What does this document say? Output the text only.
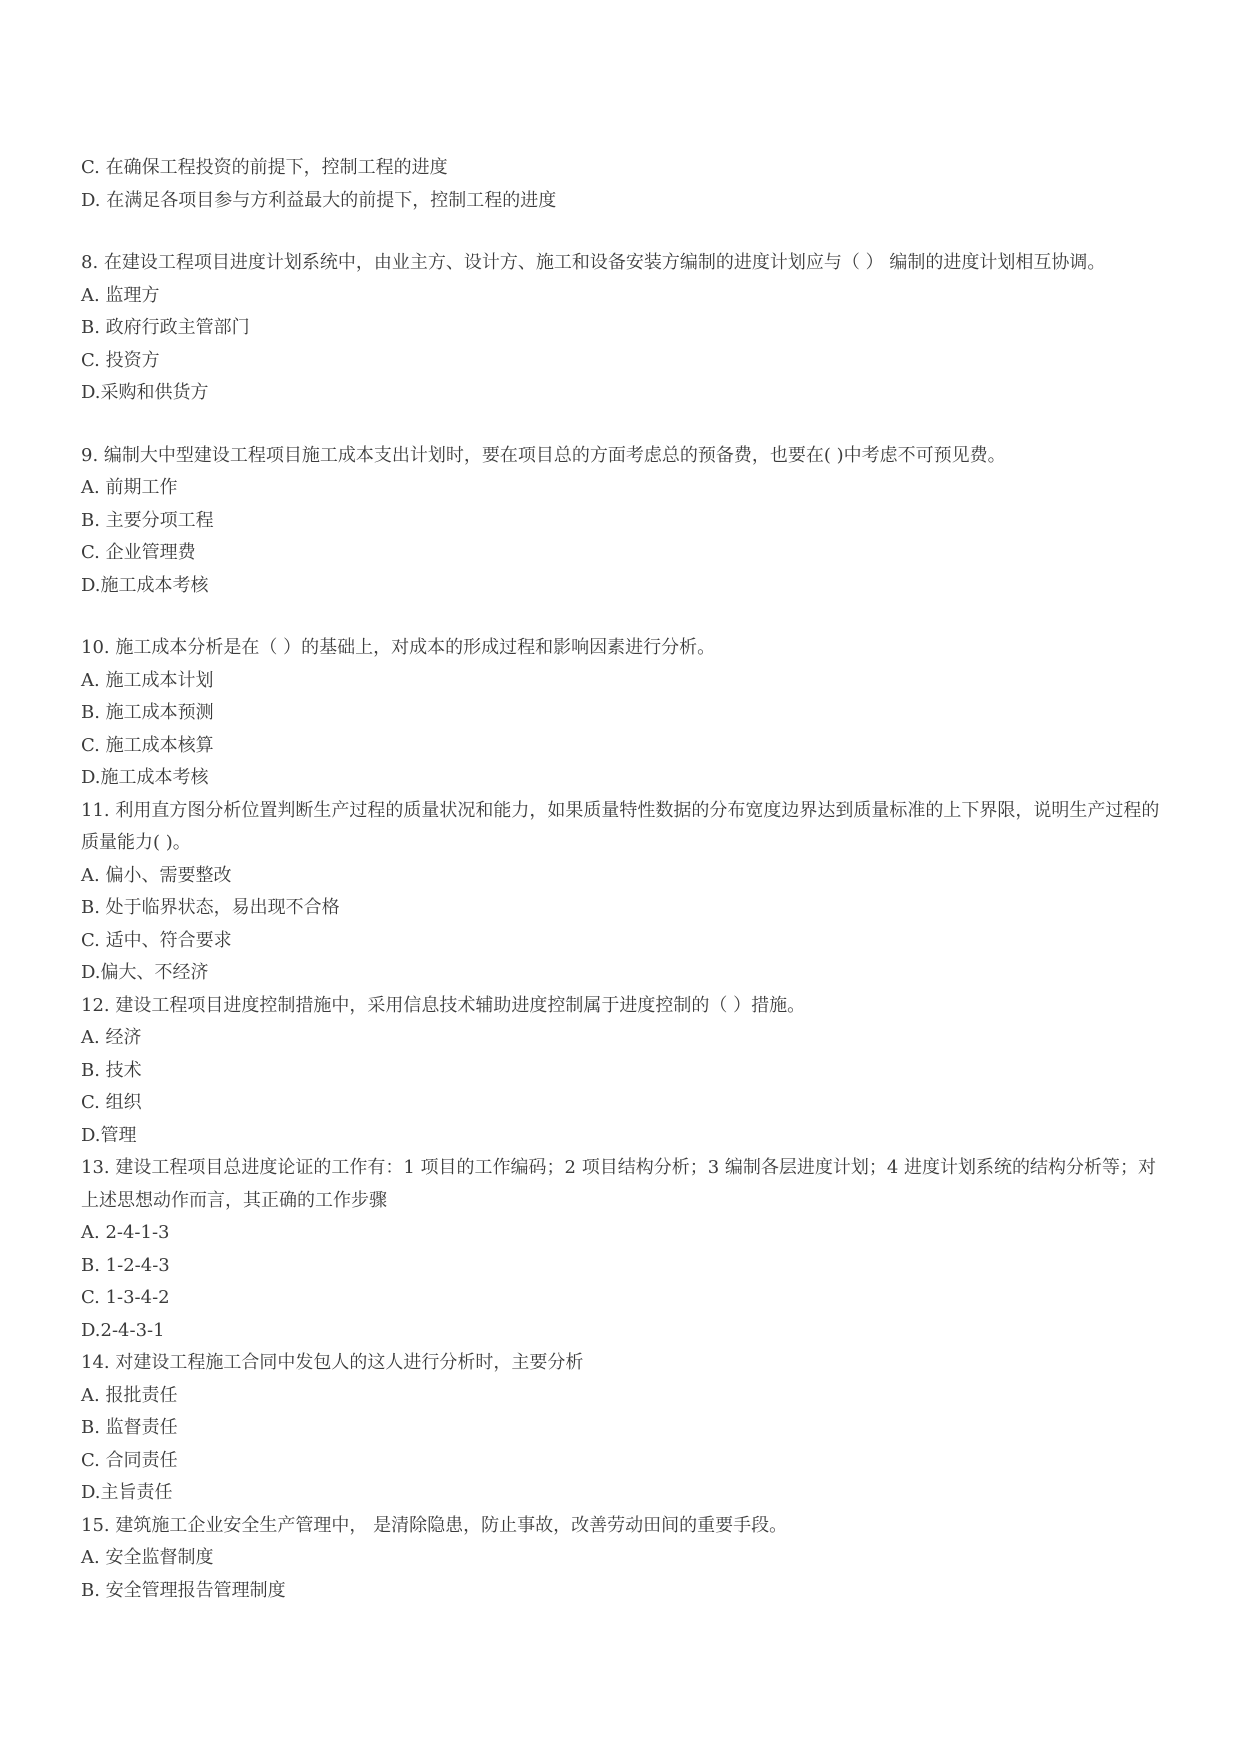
C. 在确保工程投资的前提下，控制工程的进度
D. 在满足各项目参与方利益最大的前提下，控制工程的进度
8. 在建设工程项目进度计划系统中，由业主方、设计方、施工和设备安装方编制的进度计划应与（ ） 编制的进度计划相互协调。
A. 监理方
B. 政府行政主管部门
C. 投资方
D.采购和供货方
9. 编制大中型建设工程项目施工成本支出计划时，要在项目总的方面考虑总的预备费，也要在( )中考虑不可预见费。
A. 前期工作
B. 主要分项工程
C. 企业管理费
D.施工成本考核
10. 施工成本分析是在（ ）的基础上，对成本的形成过程和影响因素进行分析。
A. 施工成本计划
B. 施工成本预测
C. 施工成本核算
D.施工成本考核
11. 利用直方图分析位置判断生产过程的质量状况和能力，如果质量特性数据的分布宽度边界达到质量标准的上下界限，说明生产过程的质量能力( )。
A. 偏小、需要整改
B. 处于临界状态，易出现不合格
C. 适中、符合要求
D.偏大、不经济
12. 建设工程项目进度控制措施中，采用信息技术辅助进度控制属于进度控制的（ ）措施。
A. 经济
B. 技术
C. 组织
D.管理
13. 建设工程项目总进度论证的工作有：1 项目的工作编码；2 项目结构分析；3 编制各层进度计划；4 进度计划系统的结构分析等；对上述思想动作而言，其正确的工作步骤
A. 2-4-1-3
B. 1-2-4-3
C. 1-3-4-2
D.2-4-3-1
14. 对建设工程施工合同中发包人的这人进行分析时，主要分析
A. 报批责任
B. 监督责任
C. 合同责任
D.主旨责任
15. 建筑施工企业安全生产管理中， 是清除隐患，防止事故，改善劳动田间的重要手段。
A. 安全监督制度
B. 安全管理报告管理制度
